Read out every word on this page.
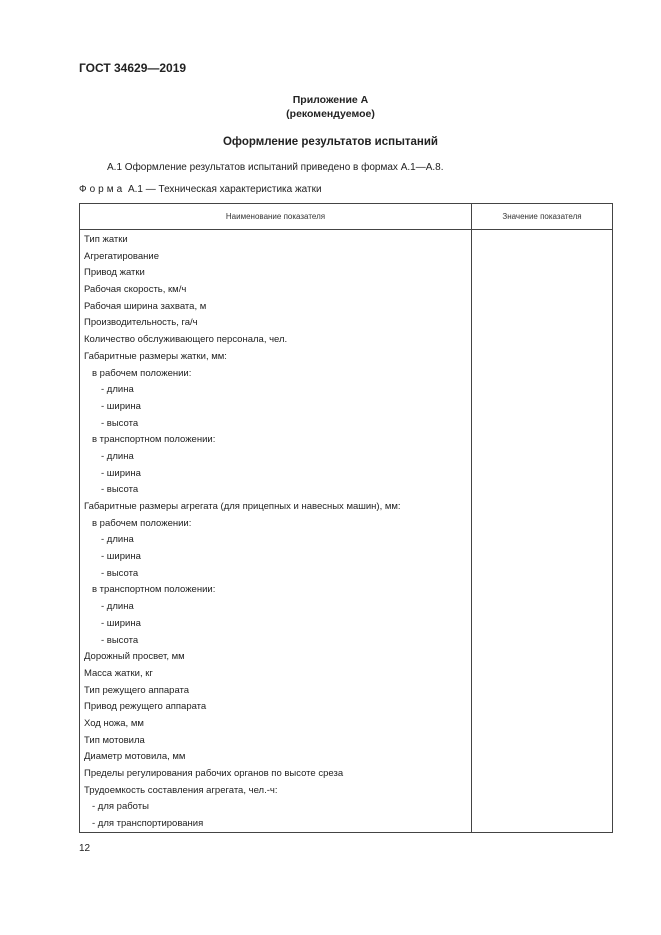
ГОСТ 34629—2019
Приложение А
(рекомендуемое)
Оформление результатов испытаний
А.1 Оформление результатов испытаний приведено в формах А.1—А.8.
Форма А.1 — Техническая характеристика жатки
Наименование показателя	Значение показателя
Тип жатки
Агрегатирование
Привод жатки
Рабочая скорость, км/ч
Рабочая ширина захвата, м
Производительность, га/ч
Количество обслуживающего персонала, чел.
Габаритные размеры жатки, мм:
в рабочем положении:
- длина
- ширина
- высота
в транспортном положении:
- длина
- ширина
- высота
Габаритные размеры агрегата (для прицепных и навесных машин), мм:
в рабочем положении:
- длина
- ширина
- высота
в транспортном положении:
- длина
- ширина
- высота
Дорожный просвет, мм
Масса жатки, кг
Тип режущего аппарата
Привод режущего аппарата
Ход ножа, мм
Тип мотовила
Диаметр мотовила, мм
Пределы регулирования рабочих органов по высоте среза
Трудоемкость составления агрегата, чел.-ч:
- для работы
- для транспортирования
12
